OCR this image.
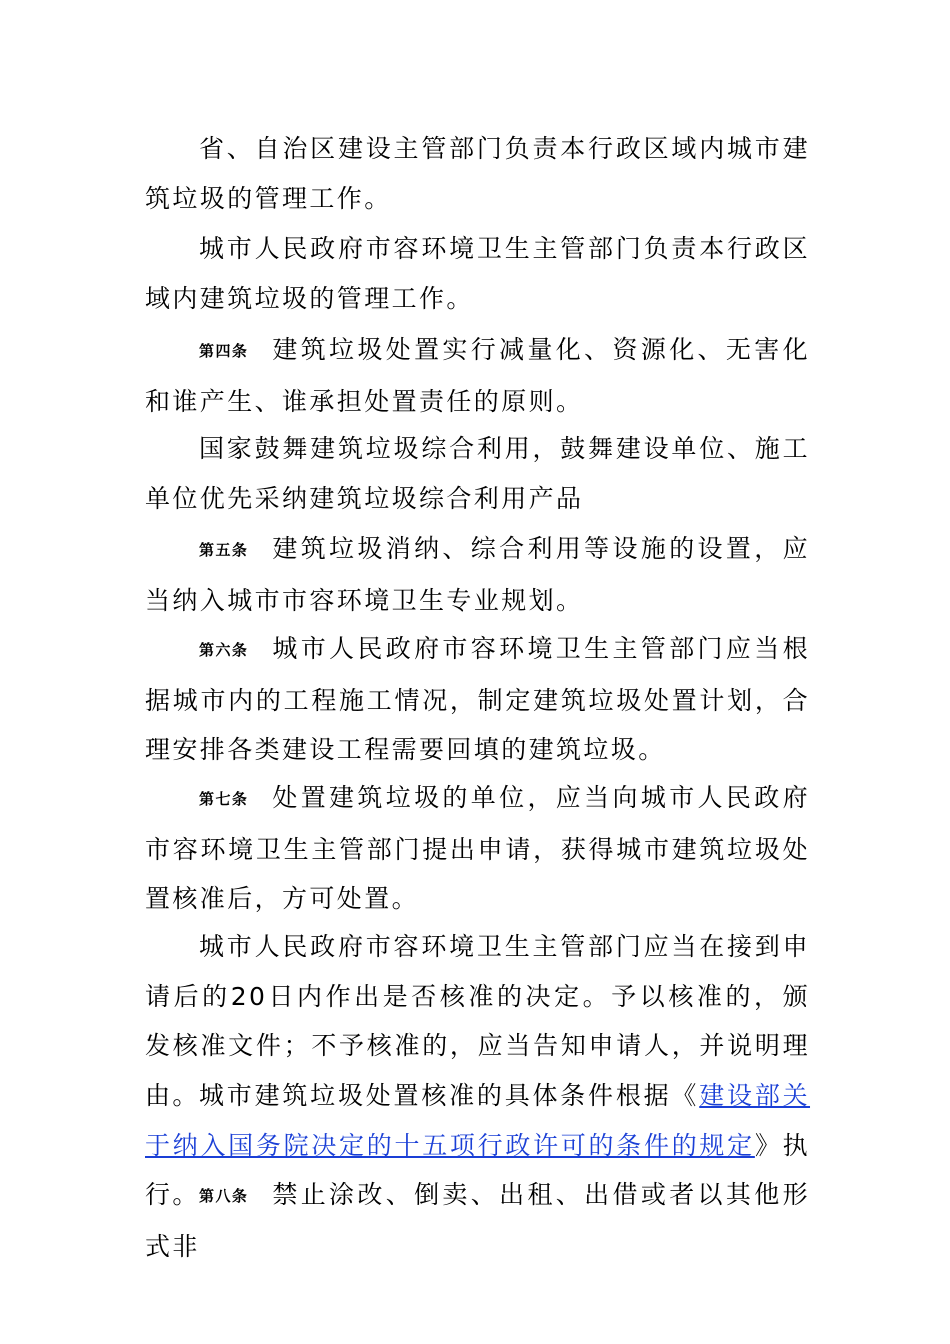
省、自治区建设主管部门负责本行政区域内城市建筑垃圾的管理工作。

城市人民政府市容环境卫生主管部门负责本行政区域内建筑垃圾的管理工作。

第四条 建筑垃圾处置实行减量化、资源化、无害化和谁产生、谁承担处置责任的原则。

国家鼓舞建筑垃圾综合利用，鼓舞建设单位、施工单位优先采纳建筑垃圾综合利用产品

第五条 建筑垃圾消纳、综合利用等设施的设置，应当纳入城市市容环境卫生专业规划。

第六条 城市人民政府市容环境卫生主管部门应当根据城市内的工程施工情况，制定建筑垃圾处置计划，合理安排各类建设工程需要回填的建筑垃圾。

第七条 处置建筑垃圾的单位，应当向城市人民政府市容环境卫生主管部门提出申请，获得城市建筑垃圾处置核准后，方可处置。

城市人民政府市容环境卫生主管部门应当在接到申请后的20日内作出是否核准的决定。予以核准的，颁发核准文件；不予核准的，应当告知申请人，并说明理由。 城市建筑垃圾处置核准的具体条件根据《建设部关于纳入国务院决定的十五项行政许可的条件的规定》执行。 第八条 禁止涂改、倒卖、出租、出借或者以其他形式非
